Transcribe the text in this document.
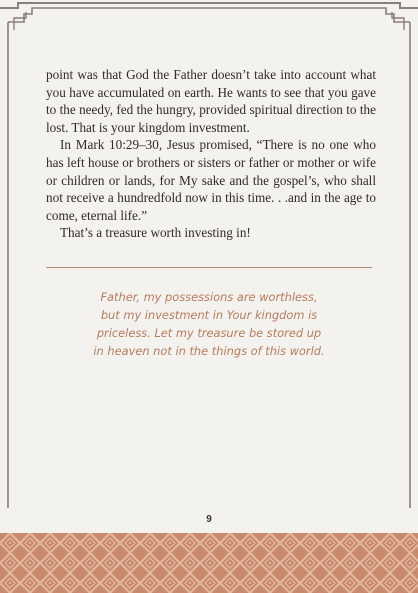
point was that God the Father doesn’t take into account what you have accumulated on earth. He wants to see that you gave to the needy, fed the hungry, provided spiritual direction to the lost. That is your kingdom investment.

In Mark 10:29–30, Jesus promised, “There is no one who has left house or brothers or sisters or father or mother or wife or children or lands, for My sake and the gospel’s, who shall not receive a hundredfold now in this time. . .and in the age to come, eternal life.”

That’s a treasure worth investing in!

Father, my possessions are worthless,
but my investment in Your kingdom is
priceless. Let my treasure be stored up
in heaven not in the things of this world.
9
